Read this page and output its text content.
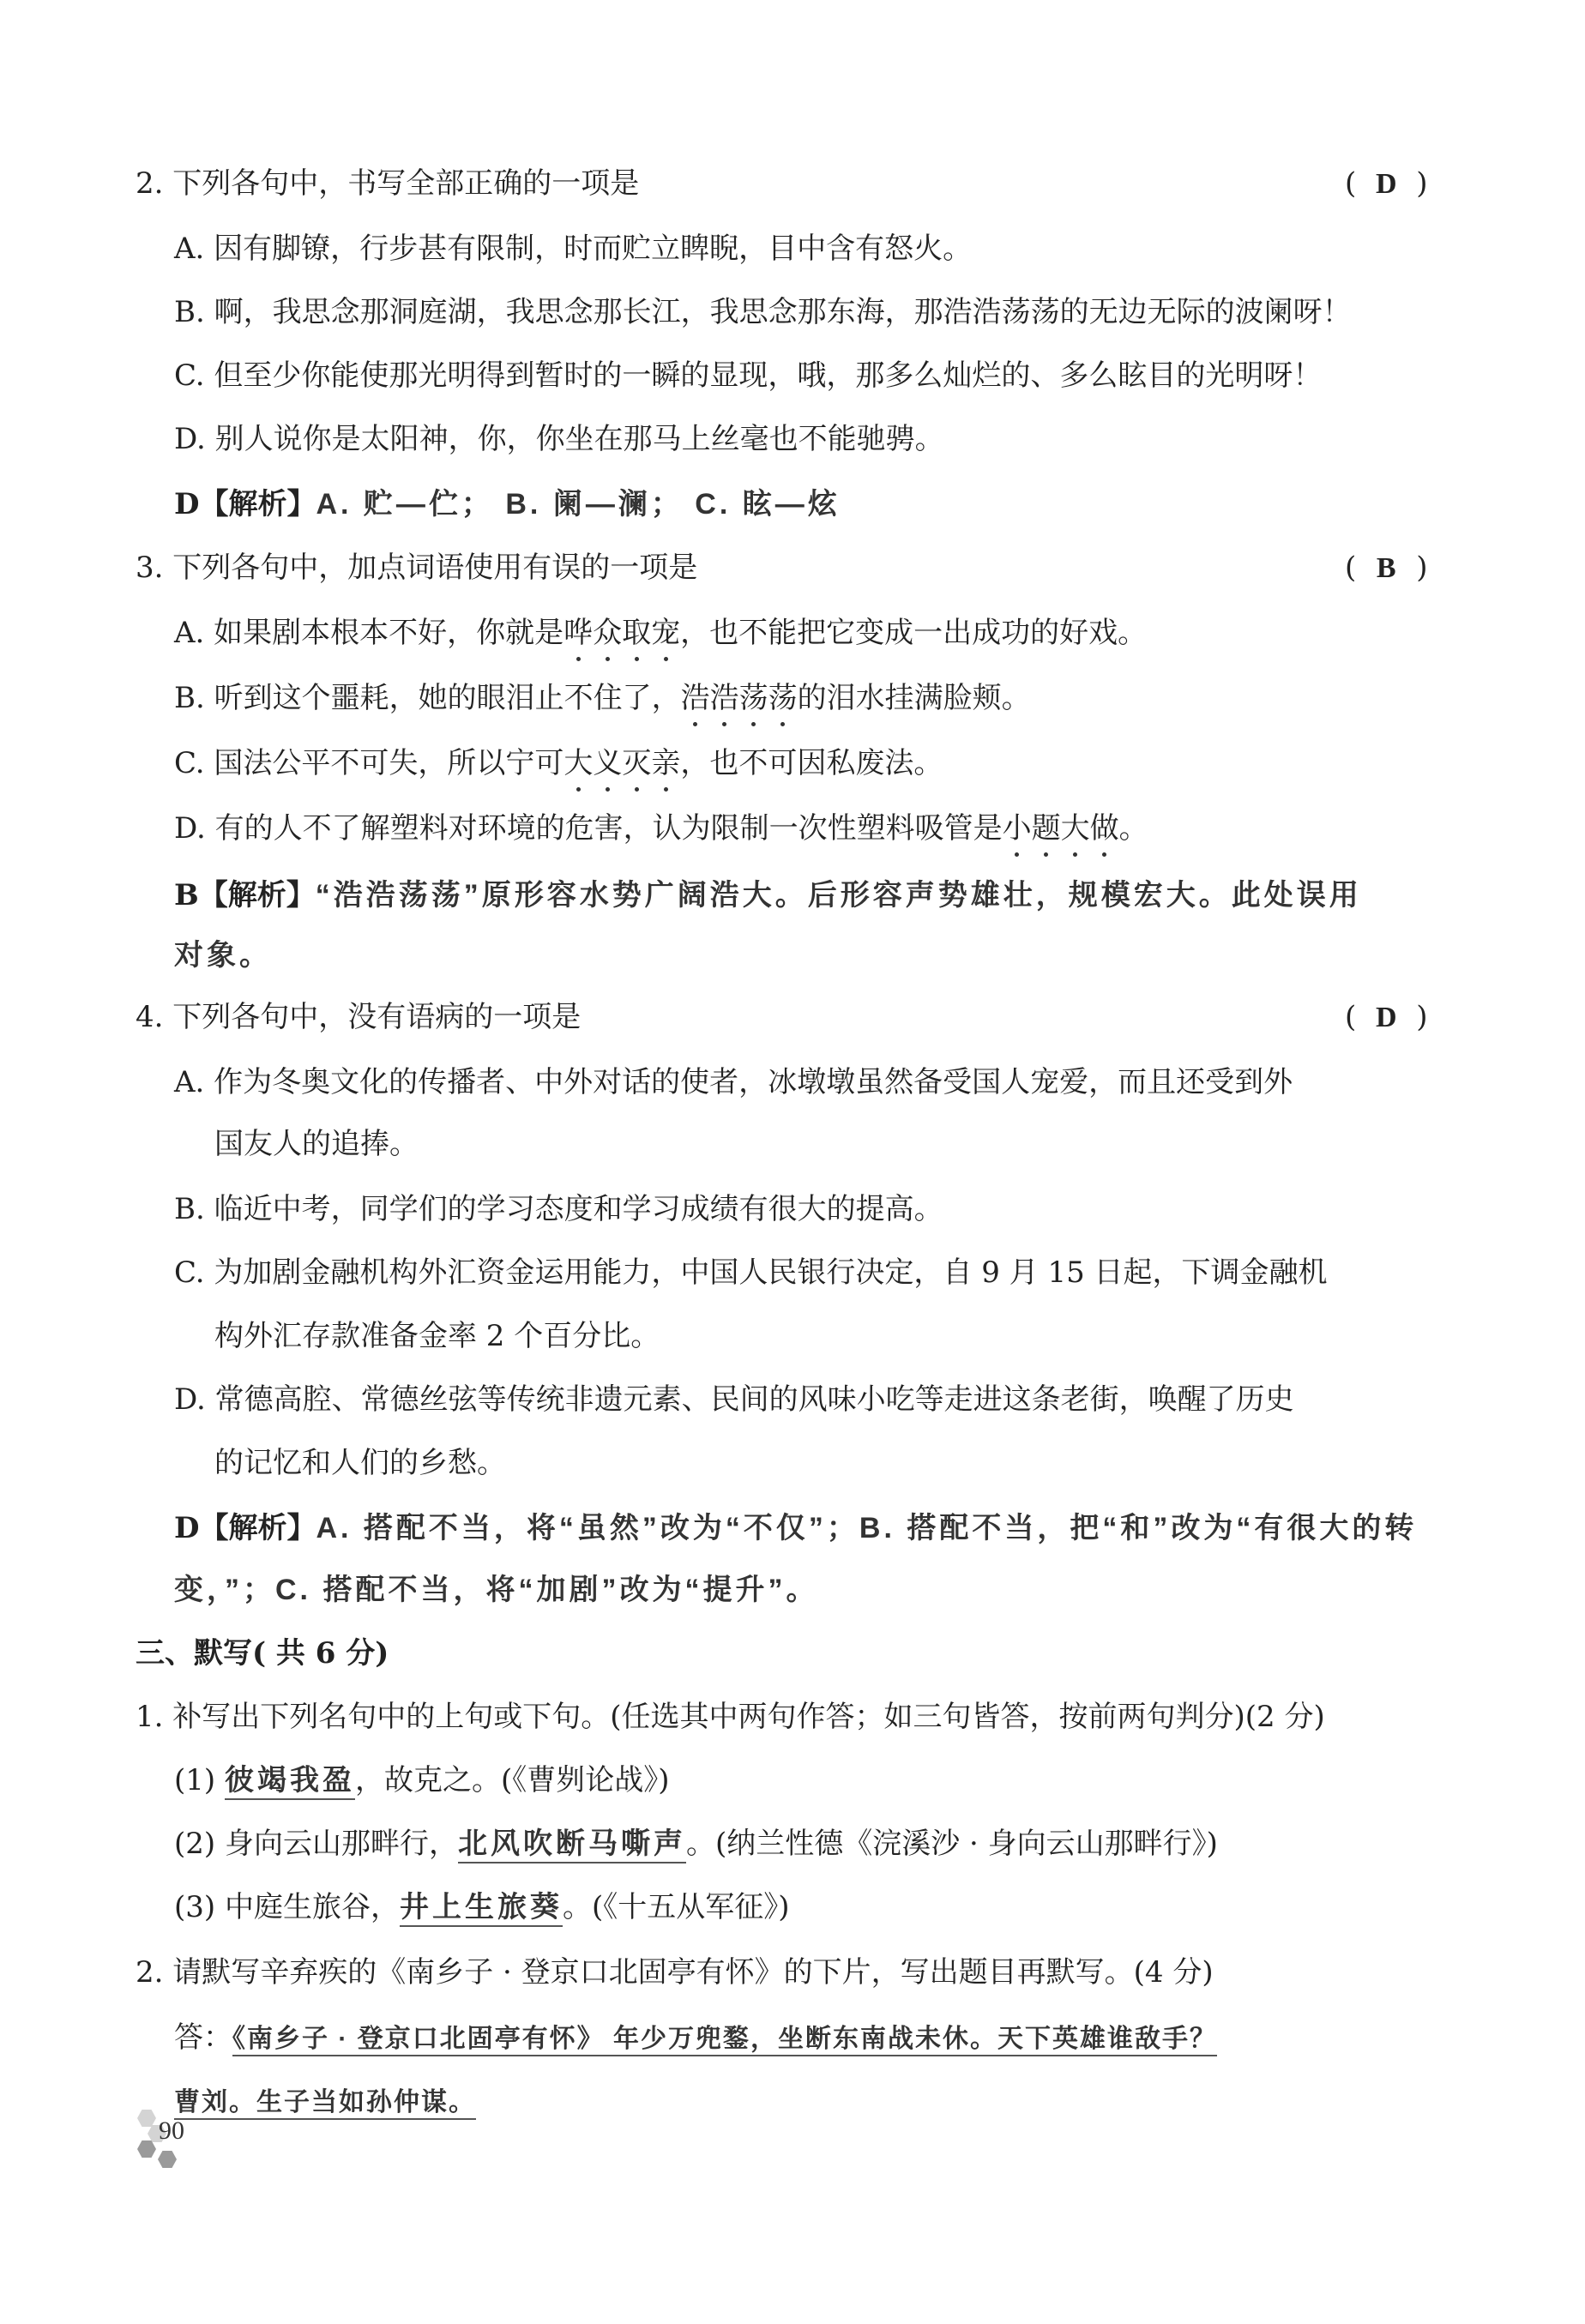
2. 下列各句中，书写全部正确的一项是	( D )
A. 因有脚镣，行步甚有限制，时而贮立睥睨，目中含有怒火。
B. 啊，我思念那洞庭湖，我思念那长江，我思念那东海，那浩浩荡荡的无边无际的波阑呀！
C. 但至少你能使那光明得到暂时的一瞬的显现，哦，那多么灿烂的、多么眩目的光明呀！
D. 别人说你是太阳神，你，你坐在那马上丝毫也不能驰骋。
D【解析】A. 贮—伫； B. 阑—澜； C. 眩—炫
3. 下列各句中，加点词语使用有误的一项是	( B )
A. 如果剧本根本不好，你就是哗众取宠
，也不能把它变成一出成功的好戏。
B. 听到这个噩耗，她的眼泪止不住了，浩浩荡荡
的泪水挂满脸颊。
C. 国法公平不可失，所以宁可大义灭亲
，也不可因私废法。
D. 有的人不了解塑料对环境的危害，认为限制一次性塑料吸管是小题大做
。
B【解析】“浩浩荡荡”原形容水势广阔浩大。后形容声势雄壮，规模宏大。此处误用
对象。
4. 下列各句中，没有语病的一项是	( D )
A. 作为冬奥文化的传播者、中外对话的使者，冰墩墩虽然备受国人宠爱，而且还受到外
国友人的追捧。
B. 临近中考，同学们的学习态度和学习成绩有很大的提高。
C. 为加剧金融机构外汇资金运用能力，中国人民银行决定，自 9 月 15 日起，下调金融机
构外汇存款准备金率 2 个百分比。
D. 常德高腔、常德丝弦等传统非遗元素、民间的风味小吃等走进这条老街，唤醒了历史
的记忆和人们的乡愁。
D【解析】A. 搭配不当，将“虽然”改为“不仅”；B. 搭配不当，把“和”改为“有很大的转
变，”；C. 搭配不当，将“加剧”改为“提升”。
三、默写( 共 6 分)
1. 补写出下列名句中的上句或下句。(任选其中两句作答；如三句皆答，按前两句判分)(2 分)
(1) 彼竭我盈，故克之。(《曹刿论战》)
(2) 身向云山那畔行，北风吹断马嘶声。(纳兰性德《浣溪沙 · 身向云山那畔行》)
(3) 中庭生旅谷，井上生旅葵。(《十五从军征》)
2. 请默写辛弃疾的《南乡子 · 登京口北固亭有怀》的下片，写出题目再默写。(4 分)
答：《南乡子 · 登京口北固亭有怀》 年少万兜鍪，坐断东南战未休。天下英雄谁敌手？
曹刘。生子当如孙仲谋。
90
